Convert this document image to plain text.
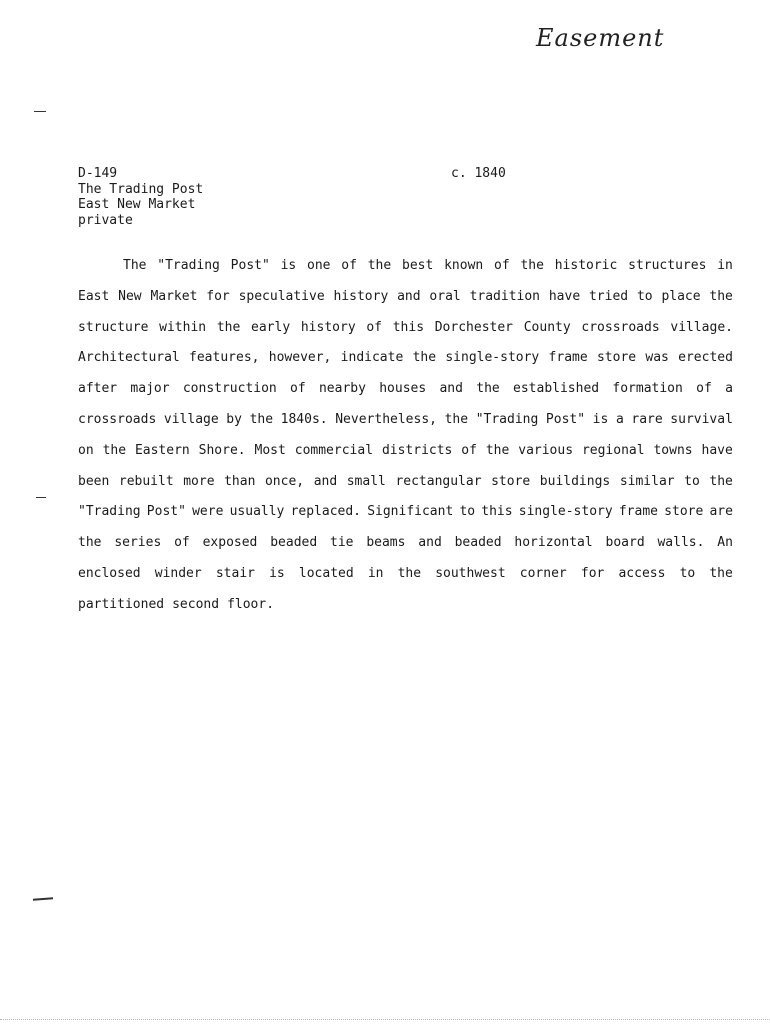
Easement
D-149
The Trading Post
East New Market
private
c. 1840
The "Trading Post" is one of the best known of the historic structures in
East New Market for speculative history and oral tradition have tried to place the
structure within the early history of this Dorchester County crossroads village.
Architectural features, however, indicate the single-story frame store was erected
after major construction of nearby houses and the established formation of a
crossroads village by the 1840s. Nevertheless, the "Trading Post" is a rare survival
on the Eastern Shore. Most commercial districts of the various regional towns have
been rebuilt more than once, and small rectangular store buildings similar to the
"Trading Post" were usually replaced. Significant to this single-story frame store are
the series of exposed beaded tie beams and beaded horizontal board walls. An
enclosed winder stair is located in the southwest corner for access to the
partitioned second floor.
